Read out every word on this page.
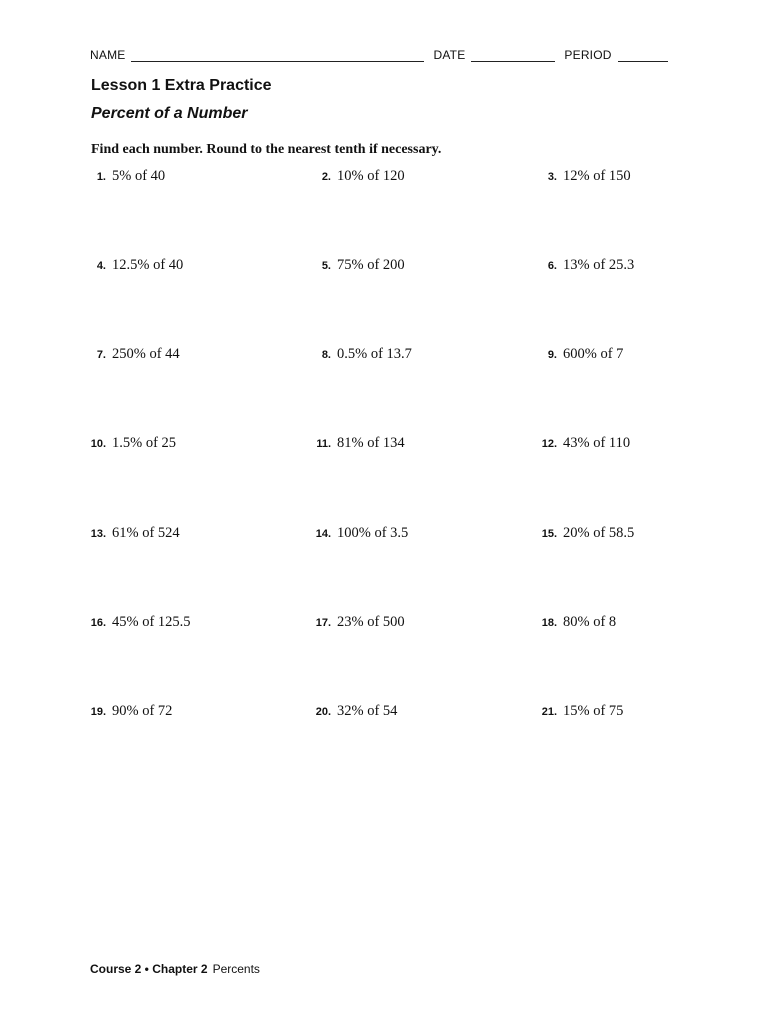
NAME	DATE	PERIOD
Lesson 1 Extra Practice
Percent of a Number
Find each number. Round to the nearest tenth if necessary.
1. 5% of 40	2. 10% of 120	3. 12% of 150
4. 12.5% of 40	5. 75% of 200	6. 13% of 25.3
7. 250% of 44	8. 0.5% of 13.7	9. 600% of 7
10. 1.5% of 25	11. 81% of 134	12. 43% of 110
13. 61% of 524	14. 100% of 3.5	15. 20% of 58.5
16. 45% of 125.5	17. 23% of 500	18. 80% of 8
19. 90% of 72	20. 32% of 54	21. 15% of 75
Course 2 • Chapter 2 Percents
